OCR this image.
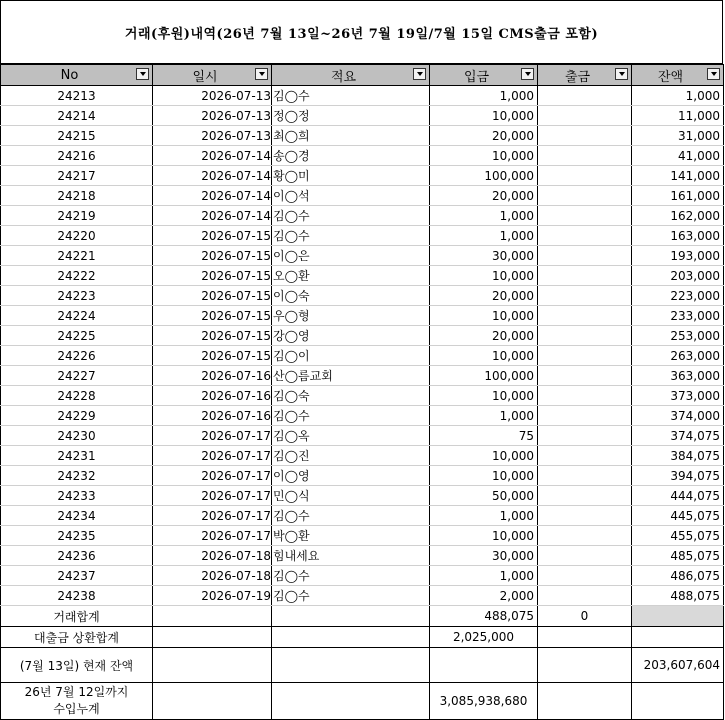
거래(후원)내역(26년 7월 13일~26년 7월 19일/7월 15일 CMS출금 포함)
No	일시	적요	입금	출금	잔액

24213	2026-07-13	김◯수	1,000		1,000
24214	2026-07-13	정◯정	10,000		11,000
24215	2026-07-13	최◯희	20,000		31,000
24216	2026-07-14	송◯경	10,000		41,000
24217	2026-07-14	황◯미	100,000		141,000
24218	2026-07-14	이◯석	20,000		161,000
24219	2026-07-14	김◯수	1,000		162,000
24220	2026-07-15	김◯수	1,000		163,000
24221	2026-07-15	이◯은	30,000		193,000
24222	2026-07-15	오◯환	10,000		203,000
24223	2026-07-15	이◯숙	20,000		223,000
24224	2026-07-15	우◯형	10,000		233,000
24225	2026-07-15	강◯영	20,000		253,000
24226	2026-07-15	김◯이	10,000		263,000
24227	2026-07-16	산◯름교회	100,000		363,000
24228	2026-07-16	김◯숙	10,000		373,000
24229	2026-07-16	김◯수	1,000		374,000
24230	2026-07-17	김◯옥	75		374,075
24231	2026-07-17	김◯진	10,000		384,075
24232	2026-07-17	이◯영	10,000		394,075
24233	2026-07-17	민◯식	50,000		444,075
24234	2026-07-17	김◯수	1,000		445,075
24235	2026-07-17	박◯환	10,000		455,075
24236	2026-07-18	힘내세요	30,000		485,075
24237	2026-07-18	김◯수	1,000		486,075
24238	2026-07-19	김◯수	2,000		488,075
거래합계			488,075	0	
대출금 상환합계			2,025,000		
(7월 13일) 현재 잔액					203,607,604

26년 7월 12일까지
수입누계			3,085,938,680		
